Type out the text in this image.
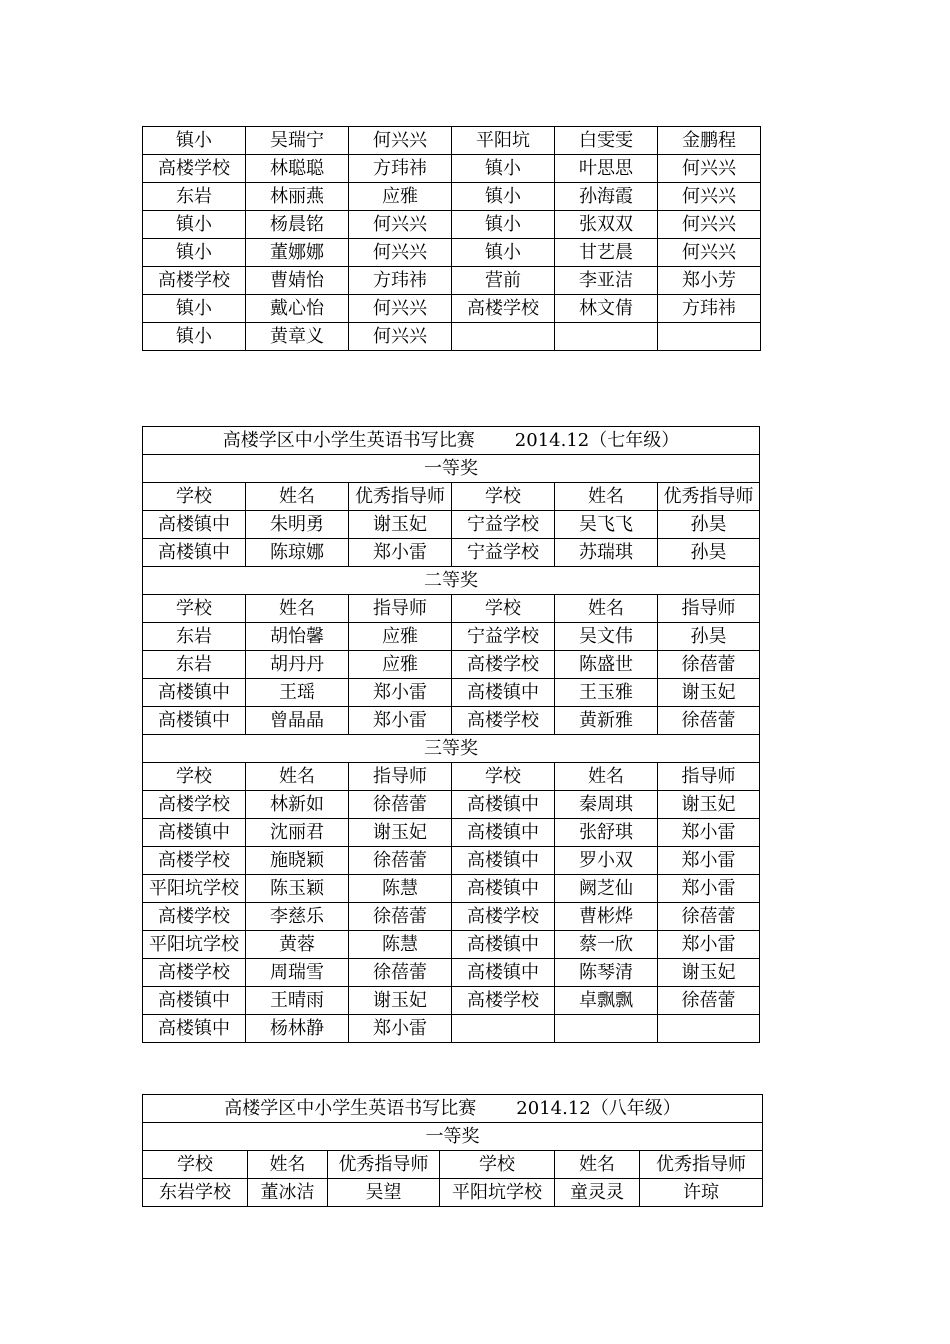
镇小	吴瑞宁	何兴兴	平阳坑	白雯雯	金鹏程
高楼学校	林聪聪	方玮祎	镇小	叶思思	何兴兴
东岩	林丽燕	应雅	镇小	孙海霞	何兴兴
镇小	杨晨铭	何兴兴	镇小	张双双	何兴兴
镇小	董娜娜	何兴兴	镇小	甘艺晨	何兴兴
高楼学校	曹婧怡	方玮祎	营前	李亚洁	郑小芳
镇小	戴心怡	何兴兴	高楼学校	林文倩	方玮祎
镇小	黄章义	何兴兴			
高楼学区中小学生英语书写比赛 2014.12（七年级）					
一等奖					
学校	姓名	优秀指导师	学校	姓名	优秀指导师
高楼镇中	朱明勇	谢玉妃	宁益学校	吴飞飞	孙昊
高楼镇中	陈琼娜	郑小雷	宁益学校	苏瑞琪	孙昊
二等奖					
学校	姓名	指导师	学校	姓名	指导师
东岩	胡怡馨	应雅	宁益学校	吴文伟	孙昊
东岩	胡丹丹	应雅	高楼学校	陈盛世	徐蓓蕾
高楼镇中	王瑶	郑小雷	高楼镇中	王玉雅	谢玉妃
高楼镇中	曾晶晶	郑小雷	高楼学校	黄新雅	徐蓓蕾
三等奖					
学校	姓名	指导师	学校	姓名	指导师
高楼学校	林新如	徐蓓蕾	高楼镇中	秦周琪	谢玉妃
高楼镇中	沈丽君	谢玉妃	高楼镇中	张舒琪	郑小雷
高楼学校	施晓颖	徐蓓蕾	高楼镇中	罗小双	郑小雷
平阳坑学校	陈玉颖	陈慧	高楼镇中	阙芝仙	郑小雷
高楼学校	李慈乐	徐蓓蕾	高楼学校	曹彬烨	徐蓓蕾
平阳坑学校	黄蓉	陈慧	高楼镇中	蔡一欣	郑小雷
高楼学校	周瑞雪	徐蓓蕾	高楼镇中	陈琴清	谢玉妃
高楼镇中	王晴雨	谢玉妃	高楼学校	卓飘飘	徐蓓蕾
高楼镇中	杨林静	郑小雷			
高楼学区中小学生英语书写比赛 2014.12（八年级）					
一等奖					
学校	姓名	优秀指导师	学校	姓名	优秀指导师
东岩学校	董冰洁	吴望	平阳坑学校	童灵灵	许琼
